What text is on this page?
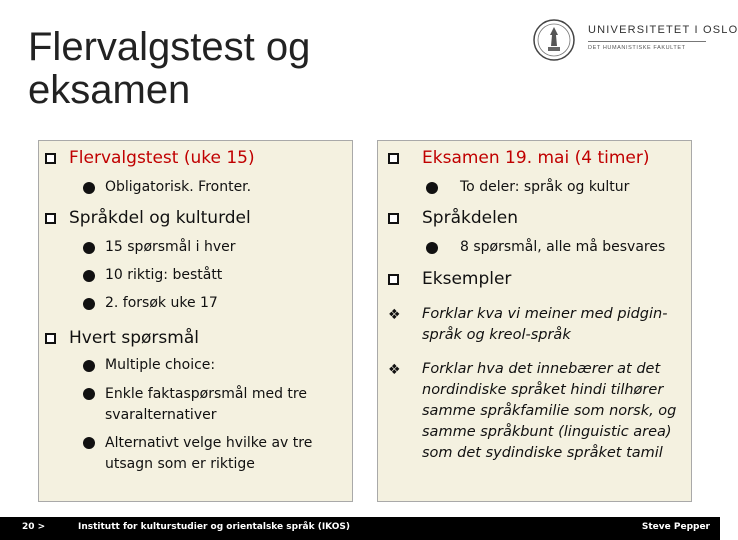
Flervalgstest og eksamen
UNIVERSITETET I OSLO
DET HUMANISTISKE FAKULTET
Flervalgstest (uke 15)
Obligatorisk. Fronter.
Språkdel og kulturdel
15 spørsmål i hver
10 riktig: bestått
2. forsøk uke 17
Hvert spørsmål
Multiple choice:
Enkle faktaspørsmål med tre svaralternativer
Alternativt velge hvilke av tre utsagn som er riktige
Eksamen 19. mai (4 timer)
To deler: språk og kultur
Språkdelen
8 spørsmål, alle må besvares
Eksempler
❖ Forklar kva vi meiner med pidgin-språk og kreol-språk
❖ Forklar hva det innebærer at det nordindiske språket hindi tilhører samme språkfamilie som norsk, og samme språkbunt (linguistic area) som det sydindiske språket tamil
20 >	Institutt for kulturstudier og orientalske språk (IKOS)	Steve Pepper
